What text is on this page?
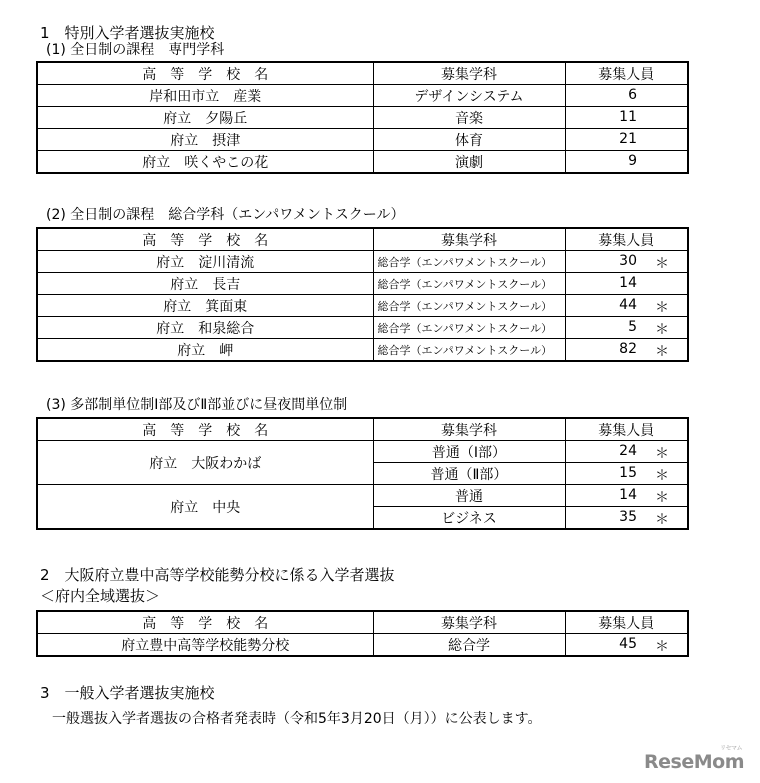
1　特別入学者選抜実施校
(1) 全日制の課程　専門学科
高　等　学　校　名	募集学科	募集人員
岸和田市立　産業	デザインシステム	6

府立　夕陽丘	音楽	11

府立　摂津	体育	21

府立　咲くやこの花	演劇	9
(2) 全日制の課程　総合学科（エンパワメントスクール）
高　等　学　校　名	募集学科	募集人員
府立　淀川清流	総合学（エンパワメントスクール）	30 ＊

府立　長吉	総合学（エンパワメントスクール）	14

府立　箕面東	総合学（エンパワメントスクール）	44 ＊

府立　和泉総合	総合学（エンパワメントスクール）	5 ＊

府立　岬	総合学（エンパワメントスクール）	82 ＊
(3) 多部制単位制Ⅰ部及びⅡ部並びに昼夜間単位制
高　等　学　校　名	募集学科	募集人員
府立　大阪わかば	普通（Ⅰ部）	24 ＊

	普通（Ⅱ部）	15 ＊

府立　中央	普通	14 ＊

	ビジネス	35 ＊
2　大阪府立豊中高等学校能勢分校に係る入学者選抜
＜府内全域選抜＞
高　等　学　校　名	募集学科	募集人員
府立豊中高等学校能勢分校	総合学	45 ＊
3　一般入学者選抜実施校
一般選抜入学者選抜の合格者発表時（令和5年3月20日（月））に公表します。
ReseMom
リセマム
